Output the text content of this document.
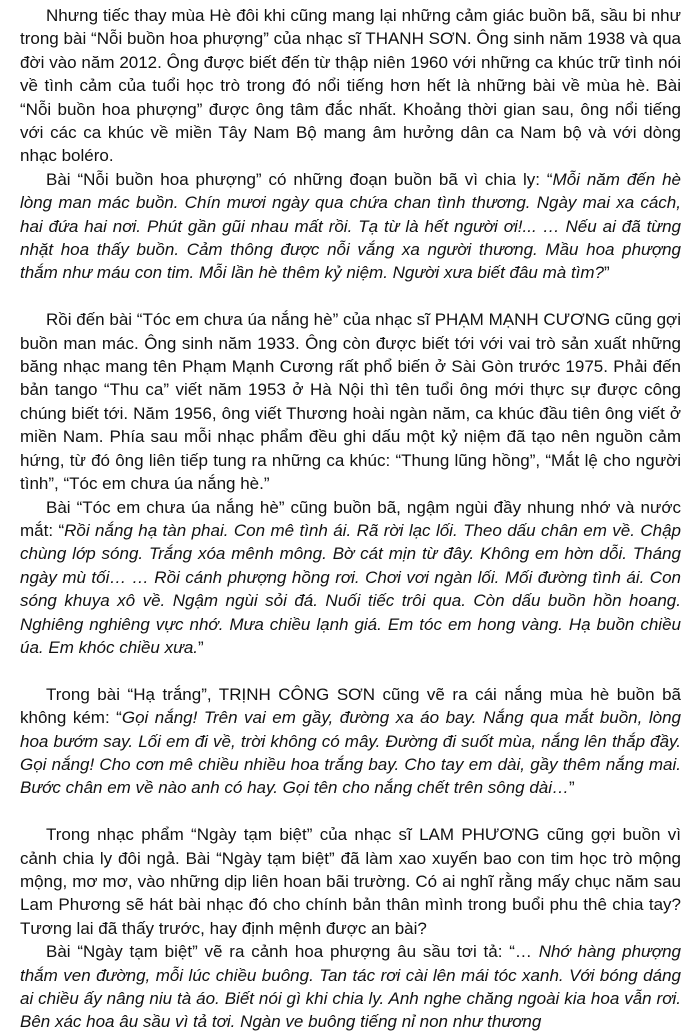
Nhưng tiếc thay mùa Hè đôi khi cũng mang lại những cảm giác buồn bã, sầu bi như trong bài “Nỗi buồn hoa phượng” của nhạc sĩ THANH SƠN. Ông sinh năm 1938 và qua đời vào năm 2012. Ông được biết đến từ thập niên 1960 với những ca khúc trữ tình nói về tình cảm của tuổi học trò trong đó nổi tiếng hơn hết là những bài về mùa hè. Bài “Nỗi buồn hoa phượng” được ông tâm đắc nhất. Khoảng thời gian sau, ông nổi tiếng với các ca khúc về miền Tây Nam Bộ mang âm hưởng dân ca Nam bộ và với dòng nhạc boléro.

Bài “Nỗi buồn hoa phượng” có những đoạn buồn bã vì chia ly: “Mỗi năm đến hè lòng man mác buồn. Chín mươi ngày qua chứa chan tình thương. Ngày mai xa cách, hai đứa hai nơi. Phút gần gũi nhau mất rồi. Tạ từ là hết người ơi!... … Nếu ai đã từng nhặt hoa thấy buồn. Cảm thông được nỗi vắng xa người thương. Mầu hoa phượng thắm như máu con tim. Mỗi lần hè thêm kỷ niệm. Người xưa biết đâu mà tìm?”

Rồi đến bài “Tóc em chưa úa nắng hè” của nhạc sĩ PHẠM MẠNH CƯƠNG cũng gợi buồn man mác. Ông sinh năm 1933. Ông còn được biết tới với vai trò sản xuất những băng nhạc mang tên Phạm Mạnh Cương rất phổ biến ở Sài Gòn trước 1975. Phải đến bản tango “Thu ca” viết năm 1953 ở Hà Nội thì tên tuổi ông mới thực sự được công chúng biết tới. Năm 1956, ông viết Thương hoài ngàn năm, ca khúc đầu tiên ông viết ở miền Nam. Phía sau mỗi nhạc phẩm đều ghi dấu một kỷ niệm đã tạo nên nguồn cảm hứng, từ đó ông liên tiếp tung ra những ca khúc: “Thung lũng hồng”, “Mắt lệ cho người tình”, “Tóc em chưa úa nắng hè.”

Bài “Tóc em chưa úa nắng hè” cũng buồn bã, ngậm ngùi đầy nhung nhớ và nước mắt: “Rồi nắng hạ tàn phai. Con mê tình ái. Rã rời lạc lối. Theo dấu chân em về. Chập chùng lớp sóng. Trắng xóa mênh mông. Bờ cát mịn từ đây. Không em hờn dỗi. Tháng ngày mù tối… … Rồi cánh phượng hồng rơi. Chơi vơi ngàn lối. Mối đường tình ái. Con sóng khuya xô về. Ngậm ngùi sỏi đá. Nuối tiếc trôi qua. Còn dấu buồn hồn hoang. Nghiêng nghiêng vực nhớ. Mưa chiều lạnh giá. Em tóc em hong vàng. Hạ buồn chiều úa. Em khóc chiều xưa.”

Trong bài “Hạ trắng”, TRỊNH CÔNG SƠN cũng vẽ ra cái nắng mùa hè buồn bã không kém: “Gọi nắng! Trên vai em gầy, đường xa áo bay. Nắng qua mắt buồn, lòng hoa bướm say. Lối em đi về, trời không có mây. Đường đi suốt mùa, nắng lên thắp đầy. Gọi nắng! Cho cơn mê chiều nhiều hoa trắng bay. Cho tay em dài, gầy thêm nắng mai. Bước chân em về nào anh có hay. Gọi tên cho nắng chết trên sông dài…”

Trong nhạc phẩm “Ngày tạm biệt” của nhạc sĩ LAM PHƯƠNG cũng gợi buồn vì cảnh chia ly đôi ngả. Bài “Ngày tạm biệt” đã làm xao xuyến bao con tim học trò mộng mộng, mơ mơ, vào những dịp liên hoan bãi trường. Có ai nghĩ rằng mấy chục năm sau Lam Phương sẽ hát bài nhạc đó cho chính bản thân mình trong buổi phu thê chia tay? Tương lai đã thấy trước, hay định mệnh được an bài?

Bài “Ngày tạm biệt” vẽ ra cảnh hoa phượng âu sầu tơi tả: “… Nhớ hàng phượng thắm ven đường, mỗi lúc chiều buông. Tan tác rơi cài lên mái tóc xanh. Với bóng dáng ai chiều ấy nâng niu tà áo. Biết nói gì khi chia ly. Anh nghe chăng ngoài kia hoa vẫn rơi. Bên xác hoa âu sầu vì tả tơi. Ngàn ve buông tiếng nỉ non như thương
